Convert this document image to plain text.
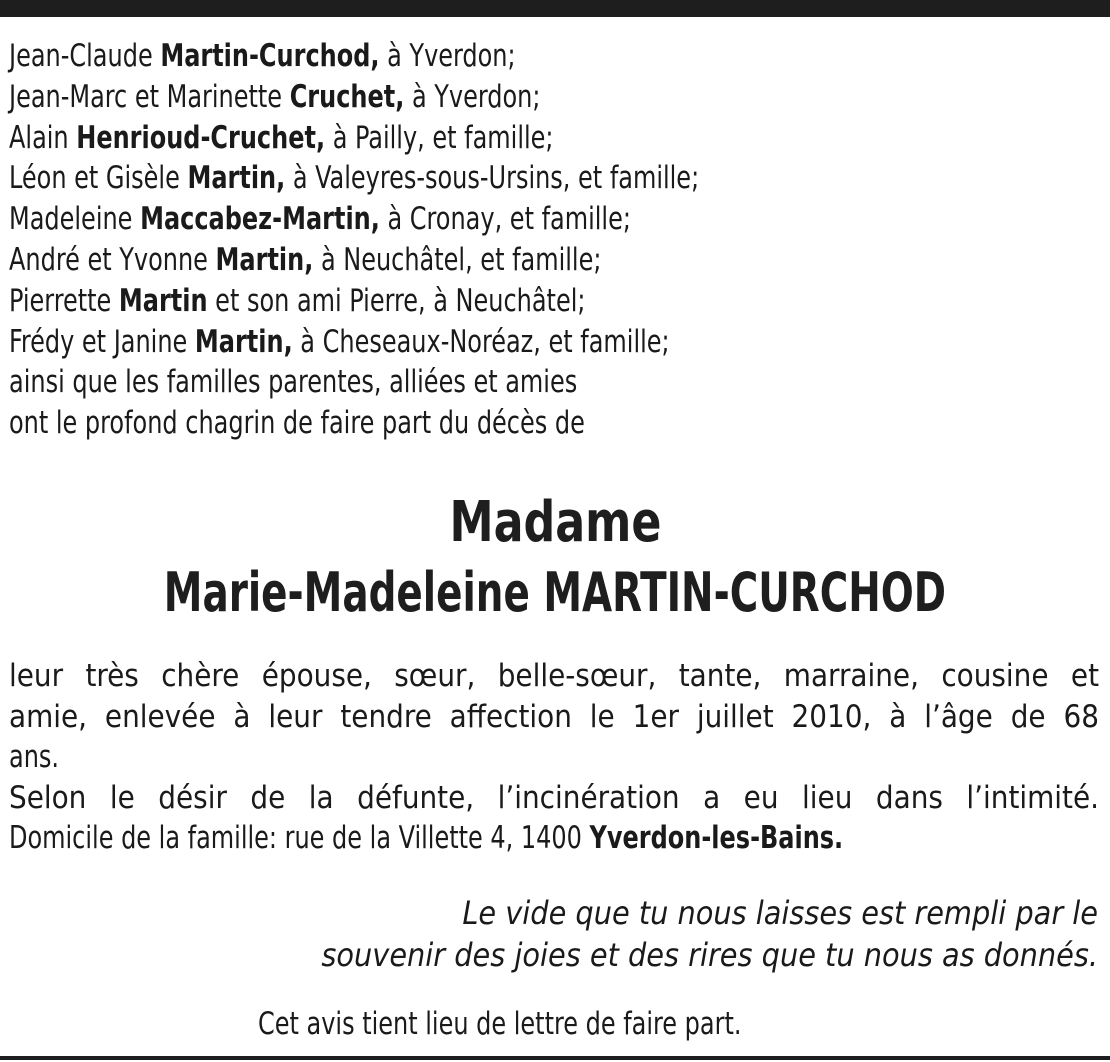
Jean-Claude Martin-Curchod, à Yverdon;
Jean-Marc et Marinette Cruchet, à Yverdon;
Alain Henrioud-Cruchet, à Pailly, et famille;
Léon et Gisèle Martin, à Valeyres-sous-Ursins, et famille;
Madeleine Maccabez-Martin, à Cronay, et famille;
André et Yvonne Martin, à Neuchâtel, et famille;
Pierrette Martin et son ami Pierre, à Neuchâtel;
Frédy et Janine Martin, à Cheseaux-Noréaz, et famille;
ainsi que les familles parentes, alliées et amies
ont le profond chagrin de faire part du décès de
Madame
Marie-Madeleine MARTIN-CURCHOD
leur très chère épouse, sœur, belle-sœur, tante, marraine, cousine et
amie, enlevée à leur tendre affection le 1er juillet 2010, à l’âge de 68
ans.
Selon le désir de la défunte, l’incinération a eu lieu dans l’intimité.
Domicile de la famille: rue de la Villette 4, 1400 Yverdon-les-Bains.
Le vide que tu nous laisses est rempli par le
souvenir des joies et des rires que tu nous as donnés.
Cet avis tient lieu de lettre de faire part.
